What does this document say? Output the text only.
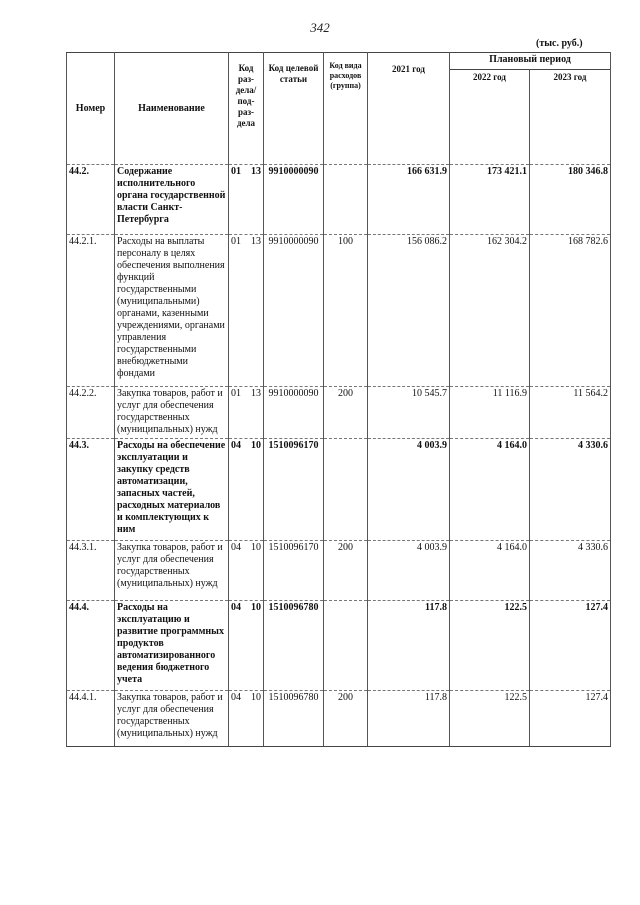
342
(тыс. руб.)
Номер	Наименование	Код раз-дела/ под-раз-дела	Код целевой статьи	Код вида расходов (группа)	2021 год	Плановый период	
						2022 год	2023 год
44.2.	Содержание исполнительного органа государственной власти Санкт-Петербурга	01 13	9910000090		166 631.9	173 421.1	180 346.8
44.2.1.	Расходы на выплаты персоналу в целях обеспечения выполнения функций государственными (муниципальными) органами, казенными учреждениями, органами управления государственными внебюджетными фондами	01 13	9910000090	100	156 086.2	162 304.2	168 782.6
44.2.2.	Закупка товаров, работ и услуг для обеспечения государственных (муниципальных) нужд	01 13	9910000090	200	10 545.7	11 116.9	11 564.2
44.3.	Расходы на обеспечение эксплуатации и закупку средств автоматизации, запасных частей, расходных материалов и комплектующих к ним	04 10	1510096170		4 003.9	4 164.0	4 330.6
44.3.1.	Закупка товаров, работ и услуг для обеспечения государственных (муниципальных) нужд	04 10	1510096170	200	4 003.9	4 164.0	4 330.6
44.4.	Расходы на эксплуатацию и развитие программных продуктов автоматизированного ведения бюджетного учета	04 10	1510096780		117.8	122.5	127.4
44.4.1.	Закупка товаров, работ и услуг для обеспечения государственных (муниципальных) нужд	04 10	1510096780	200	117.8	122.5	127.4
